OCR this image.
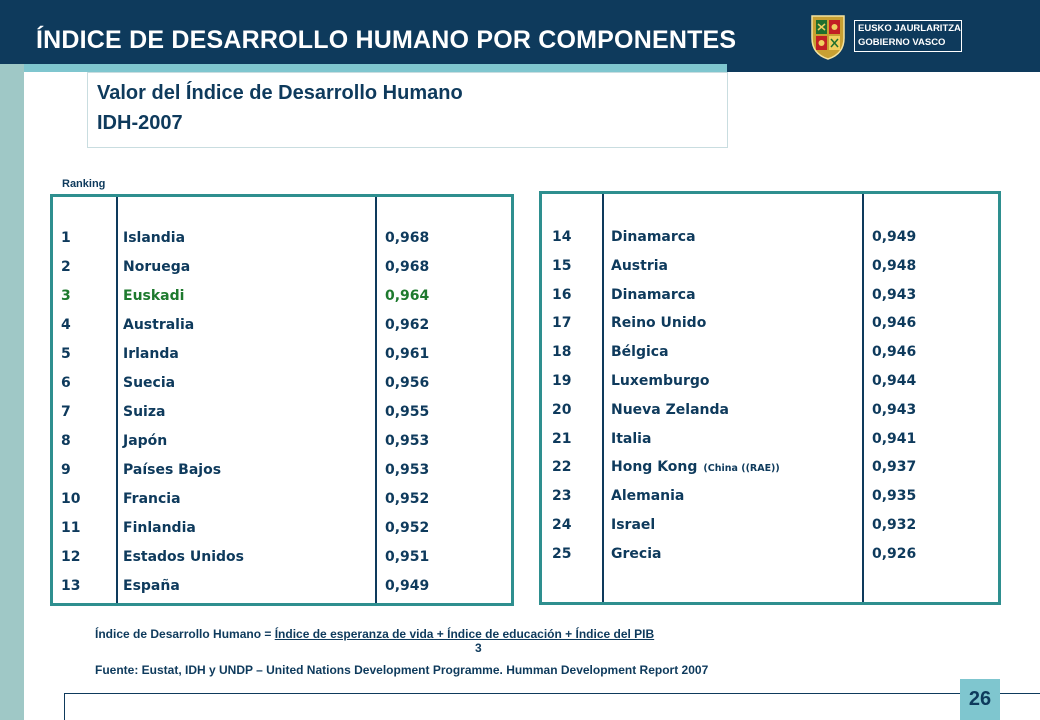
ÍNDICE DE DESARROLLO HUMANO POR COMPONENTES	EUSKO JAURLARITZA
GOBIERNO VASCO
Valor del Índice de Desarrollo Humano
IDH-2007
Ranking
1	Islandia	0,968
2	Noruega	0,968
3	Euskadi	0,964
4	Australia	0,962
5	Irlanda	0,961
6	Suecia	0,956
7	Suiza	0,955
8	Japón	0,953
9	Países Bajos	0,953
10	Francia	0,952
11	Finlandia	0,952
12	Estados Unidos	0,951
13	España	0,949
14	Dinamarca	0,949
15	Austria	0,948
16	Dinamarca	0,943
17	Reino Unido	0,946
18	Bélgica	0,946
19	Luxemburgo	0,944
20	Nueva Zelanda	0,943
21	Italia	0,941
22	Hong Kong (China ((RAE))	0,937
23	Alemania	0,935
24	Israel	0,932
25	Grecia	0,926
Índice de Desarrollo Humano = Índice de esperanza de vida + Índice de educación + Índice del PIB
3
Fuente: Eustat, IDH y UNDP – United Nations Development Programme. Humman Development Report 2007
26
